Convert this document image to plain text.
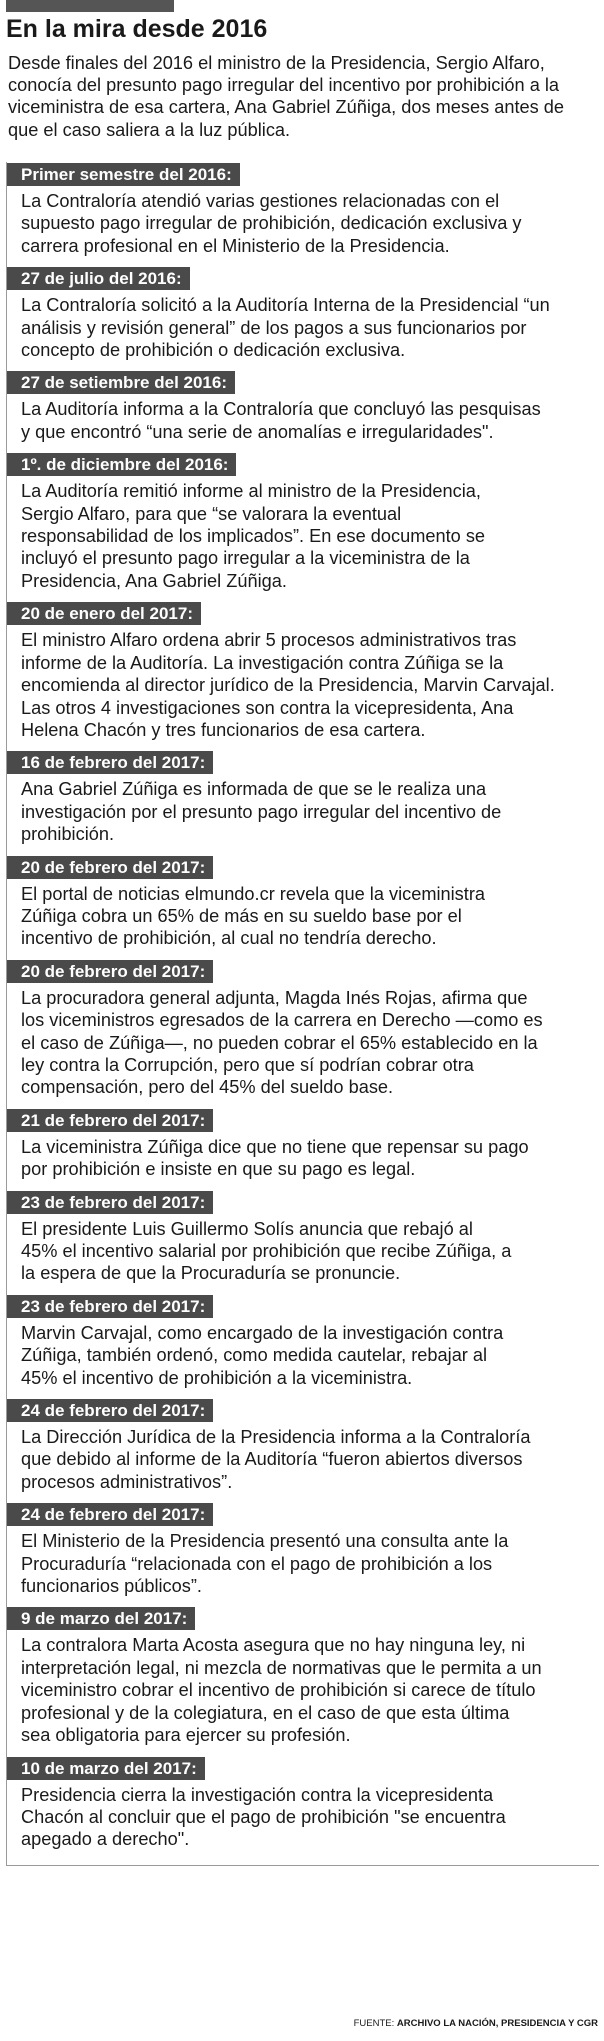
En la mira desde 2016

Desde finales del 2016 el ministro de la Presidencia, Sergio Alfaro,
conocía del presunto pago irregular del incentivo por prohibición a la
viceministra de esa cartera, Ana Gabriel Zúñiga, dos meses antes de
que el caso saliera a la luz pública.

Primer semestre del 2016:
La Contraloría atendió varias gestiones relacionadas con el
supuesto pago irregular de prohibición, dedicación exclusiva y
carrera profesional en el Ministerio de la Presidencia.
27 de julio del 2016:
La Contraloría solicitó a la Auditoría Interna de la Presidencial “un
análisis y revisión general” de los pagos a sus funcionarios por
concepto de prohibición o dedicación exclusiva.
27 de setiembre del 2016:
La Auditoría informa a la Contraloría que concluyó las pesquisas
y que encontró “una serie de anomalías e irregularidades".
1º. de diciembre del 2016:
La Auditoría remitió informe al ministro de la Presidencia,
Sergio Alfaro, para que “se valorara la eventual
responsabilidad de los implicados”. En ese documento se
incluyó el presunto pago irregular a la viceministra de la
Presidencia, Ana Gabriel Zúñiga.
20 de enero del 2017:
El ministro Alfaro ordena abrir 5 procesos administrativos tras
informe de la Auditoría. La investigación contra Zúñiga se la
encomienda al director jurídico de la Presidencia, Marvin Carvajal.
Las otros 4 investigaciones son contra la vicepresidenta, Ana
Helena Chacón y tres funcionarios de esa cartera.
16 de febrero del 2017:
Ana Gabriel Zúñiga es informada de que se le realiza una
investigación por el presunto pago irregular del incentivo de
prohibición.
20 de febrero del 2017:
El portal de noticias elmundo.cr revela que la viceministra
Zúñiga cobra un 65% de más en su sueldo base por el
incentivo de prohibición, al cual no tendría derecho.
20 de febrero del 2017:
La procuradora general adjunta, Magda Inés Rojas, afirma que
los viceministros egresados de la carrera en Derecho —como es
el caso de Zúñiga—, no pueden cobrar el 65% establecido en la
ley contra la Corrupción, pero que sí podrían cobrar otra
compensación, pero del 45% del sueldo base.
21 de febrero del 2017:
La viceministra Zúñiga dice que no tiene que repensar su pago
por prohibición e insiste en que su pago es legal.
23 de febrero del 2017:
El presidente Luis Guillermo Solís anuncia que rebajó al
45% el incentivo salarial por prohibición que recibe Zúñiga, a
la espera de que la Procuraduría se pronuncie.
23 de febrero del 2017:
Marvin Carvajal, como encargado de la investigación contra
Zúñiga, también ordenó, como medida cautelar, rebajar al
45% el incentivo de prohibición a la viceministra.
24 de febrero del 2017:
La Dirección Jurídica de la Presidencia informa a la Contraloría
que debido al informe de la Auditoría “fueron abiertos diversos
procesos administrativos”.
24 de febrero del 2017:
El Ministerio de la Presidencia presentó una consulta ante la
Procuraduría “relacionada con el pago de prohibición a los
funcionarios públicos”.
9 de marzo del 2017:
La contralora Marta Acosta asegura que no hay ninguna ley, ni
interpretación legal, ni mezcla de normativas que le permita a un
viceministro cobrar el incentivo de prohibición si carece de título
profesional y de la colegiatura, en el caso de que esta última
sea obligatoria para ejercer su profesión.
10 de marzo del 2017:
Presidencia cierra la investigación contra la vicepresidenta
Chacón al concluir que el pago de prohibición "se encuentra
apegado a derecho".
FUENTE: ARCHIVO LA NACIÓN, PRESIDENCIA Y CGR
